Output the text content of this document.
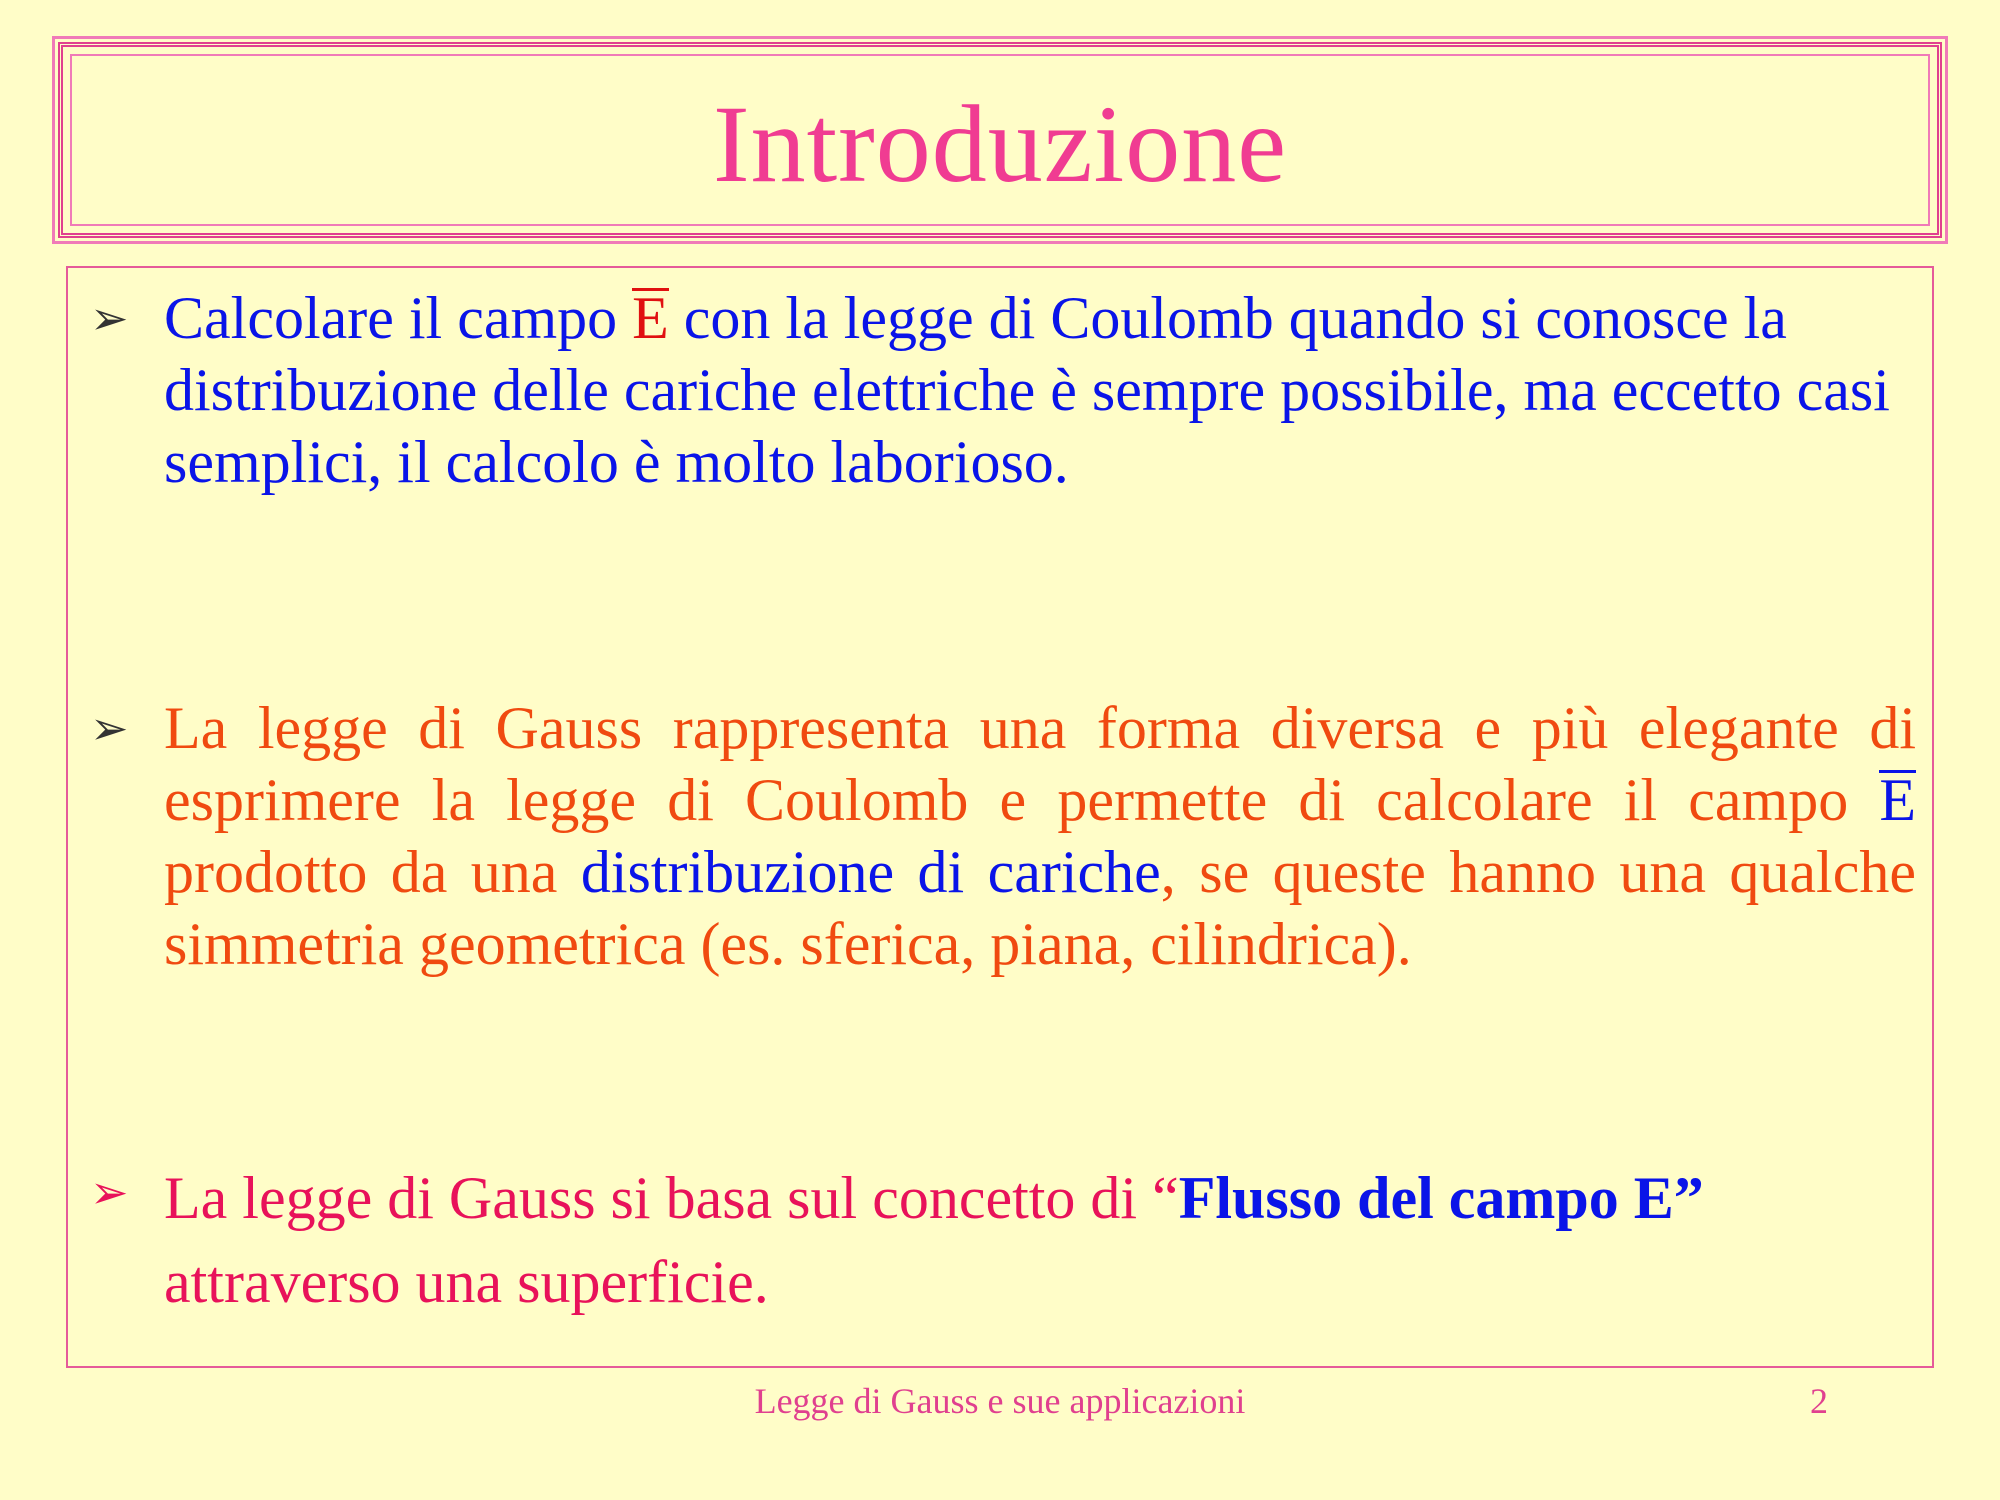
Introduzione
➢ Calcolare il campo E con la legge di Coulomb quando si conosce la distribuzione delle cariche elettriche è sempre possibile, ma eccetto casi semplici, il calcolo è molto laborioso.
➢ La legge di Gauss rappresenta una forma diversa e più elegante di esprimere la legge di Coulomb e permette di calcolare il campo E prodotto da una distribuzione di cariche, se queste hanno una qualche simmetria geometrica (es. sferica, piana, cilindrica).
➢ La legge di Gauss si basa sul concetto di “Flusso del campo E” attraverso una superficie.
Legge di Gauss e sue applicazioni	2
